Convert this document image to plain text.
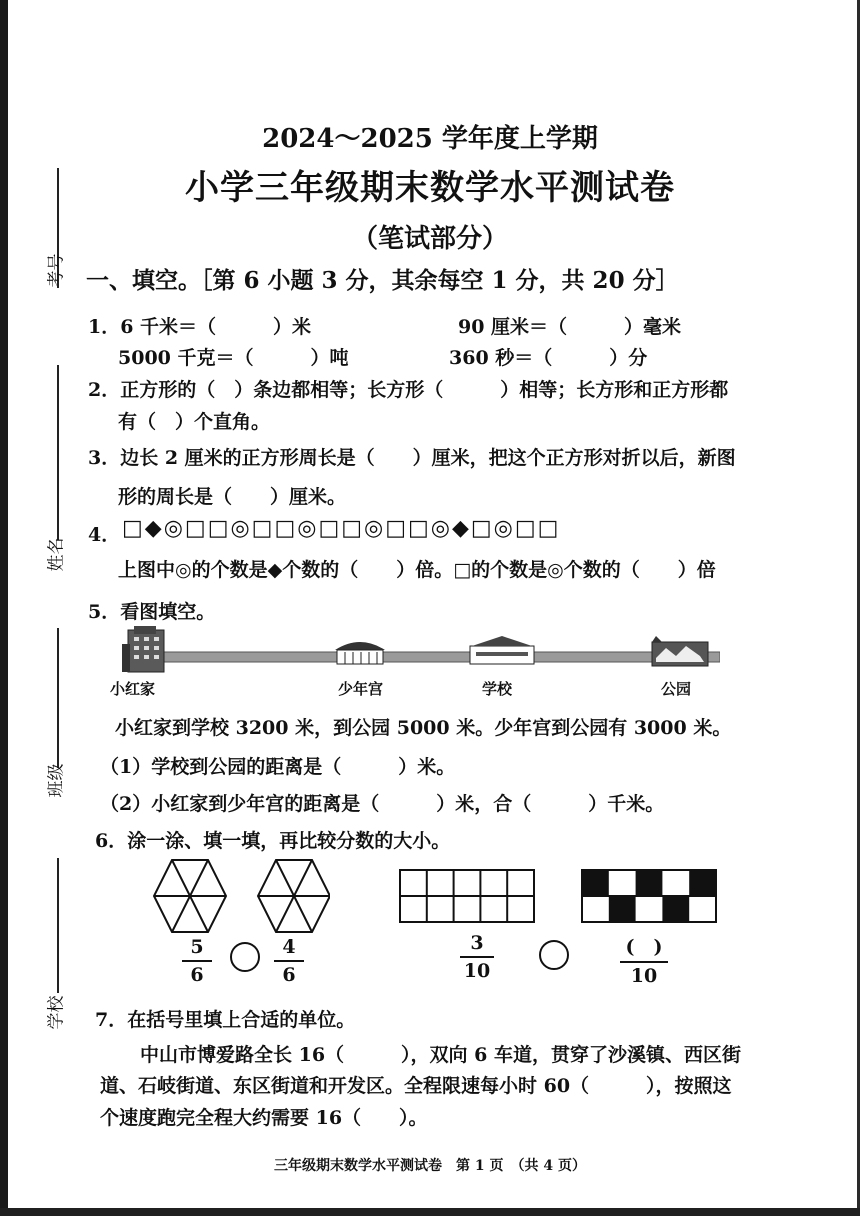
考号
姓名
班级
学校
2024～2025 学年度上学期
小学三年级期末数学水平测试卷
（笔试部分）
一、填空。［第 6 小题 3 分，其余每空 1 分，共 20 分］
1．6 千米＝（　　　）米	90 厘米＝（　　　）毫米
5000 千克＝（　　　）吨	360 秒＝（　　　）分
2．正方形的（　）条边都相等；长方形（　　　）相等；长方形和正方形都
有（　）个直角。
3．边长 2 厘米的正方形周长是（　　）厘米，把这个正方形对折以后，新图
形的周长是（　　）厘米。
4． □◆◎□□◎□□◎□□◎□□◎◆□◎□□
上图中◎的个数是◆个数的（　　）倍。□的个数是◎个数的（　　）倍
5．看图填空。
小红家	少年宫	学校	公园
小红家到学校 3200 米，到公园 5000 米。少年宫到公园有 3000 米。
（1）学校到公园的距离是（　　　）米。
（2）小红家到少年宫的距离是（　　　）米，合（　　　）千米。
6．涂一涂、填一填，再比较分数的大小。
5
6
4
6
3
10
(　)
10
7．在括号里填上合适的单位。
中山市博爱路全长 16（　　　），双向 6 车道，贯穿了沙溪镇、西区街
道、石岐街道、东区街道和开发区。全程限速每小时 60（　　　），按照这
个速度跑完全程大约需要 16（　　）。
三年级期末数学水平测试卷　第 1 页　（共 4 页）
